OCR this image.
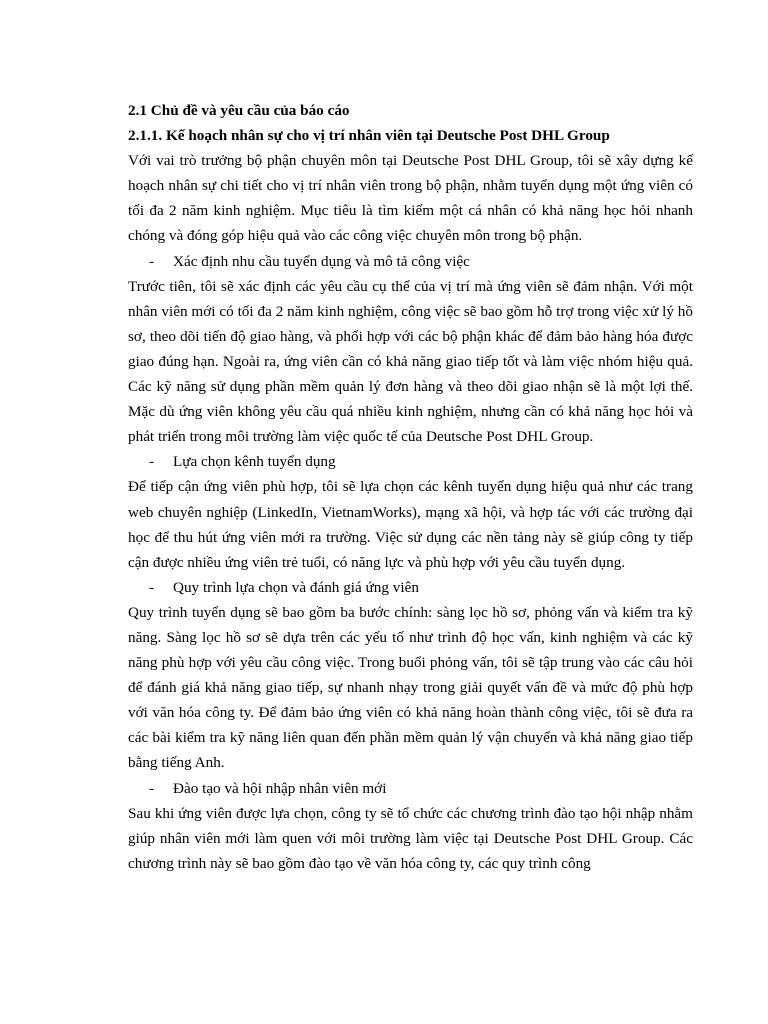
2.1 Chủ đề và yêu cầu của báo cáo

2.1.1. Kế hoạch nhân sự cho vị trí nhân viên tại Deutsche Post DHL Group

Với vai trò trưởng bộ phận chuyên môn tại Deutsche Post DHL Group, tôi sẽ xây dựng kế hoạch nhân sự chi tiết cho vị trí nhân viên trong bộ phận, nhằm tuyển dụng một ứng viên có tối đa 2 năm kinh nghiệm. Mục tiêu là tìm kiếm một cá nhân có khả năng học hỏi nhanh chóng và đóng góp hiệu quả vào các công việc chuyên môn trong bộ phận.

-	Xác định nhu cầu tuyển dụng và mô tả công việc

Trước tiên, tôi sẽ xác định các yêu cầu cụ thể của vị trí mà ứng viên sẽ đảm nhận. Với một nhân viên mới có tối đa 2 năm kinh nghiệm, công việc sẽ bao gồm hỗ trợ trong việc xử lý hồ sơ, theo dõi tiến độ giao hàng, và phối hợp với các bộ phận khác để đảm bảo hàng hóa được giao đúng hạn. Ngoài ra, ứng viên cần có khả năng giao tiếp tốt và làm việc nhóm hiệu quả. Các kỹ năng sử dụng phần mềm quản lý đơn hàng và theo dõi giao nhận sẽ là một lợi thế. Mặc dù ứng viên không yêu cầu quá nhiều kinh nghiệm, nhưng cần có khả năng học hỏi và phát triển trong môi trường làm việc quốc tế của Deutsche Post DHL Group.

-	Lựa chọn kênh tuyển dụng

Để tiếp cận ứng viên phù hợp, tôi sẽ lựa chọn các kênh tuyển dụng hiệu quả như các trang web chuyên nghiệp (LinkedIn, VietnamWorks), mạng xã hội, và hợp tác với các trường đại học để thu hút ứng viên mới ra trường. Việc sử dụng các nền tảng này sẽ giúp công ty tiếp cận được nhiều ứng viên trẻ tuổi, có năng lực và phù hợp với yêu cầu tuyển dụng.

-	Quy trình lựa chọn và đánh giá ứng viên

Quy trình tuyển dụng sẽ bao gồm ba bước chính: sàng lọc hồ sơ, phỏng vấn và kiểm tra kỹ năng. Sàng lọc hồ sơ sẽ dựa trên các yếu tố như trình độ học vấn, kinh nghiệm và các kỹ năng phù hợp với yêu cầu công việc. Trong buổi phỏng vấn, tôi sẽ tập trung vào các câu hỏi để đánh giá khả năng giao tiếp, sự nhanh nhạy trong giải quyết vấn đề và mức độ phù hợp với văn hóa công ty. Để đảm bảo ứng viên có khả năng hoàn thành công việc, tôi sẽ đưa ra các bài kiểm tra kỹ năng liên quan đến phần mềm quản lý vận chuyển và khả năng giao tiếp bằng tiếng Anh.

-	Đào tạo và hội nhập nhân viên mới

Sau khi ứng viên được lựa chọn, công ty sẽ tổ chức các chương trình đào tạo hội nhập nhằm giúp nhân viên mới làm quen với môi trường làm việc tại Deutsche Post DHL Group. Các chương trình này sẽ bao gồm đào tạo về văn hóa công ty, các quy trình công
